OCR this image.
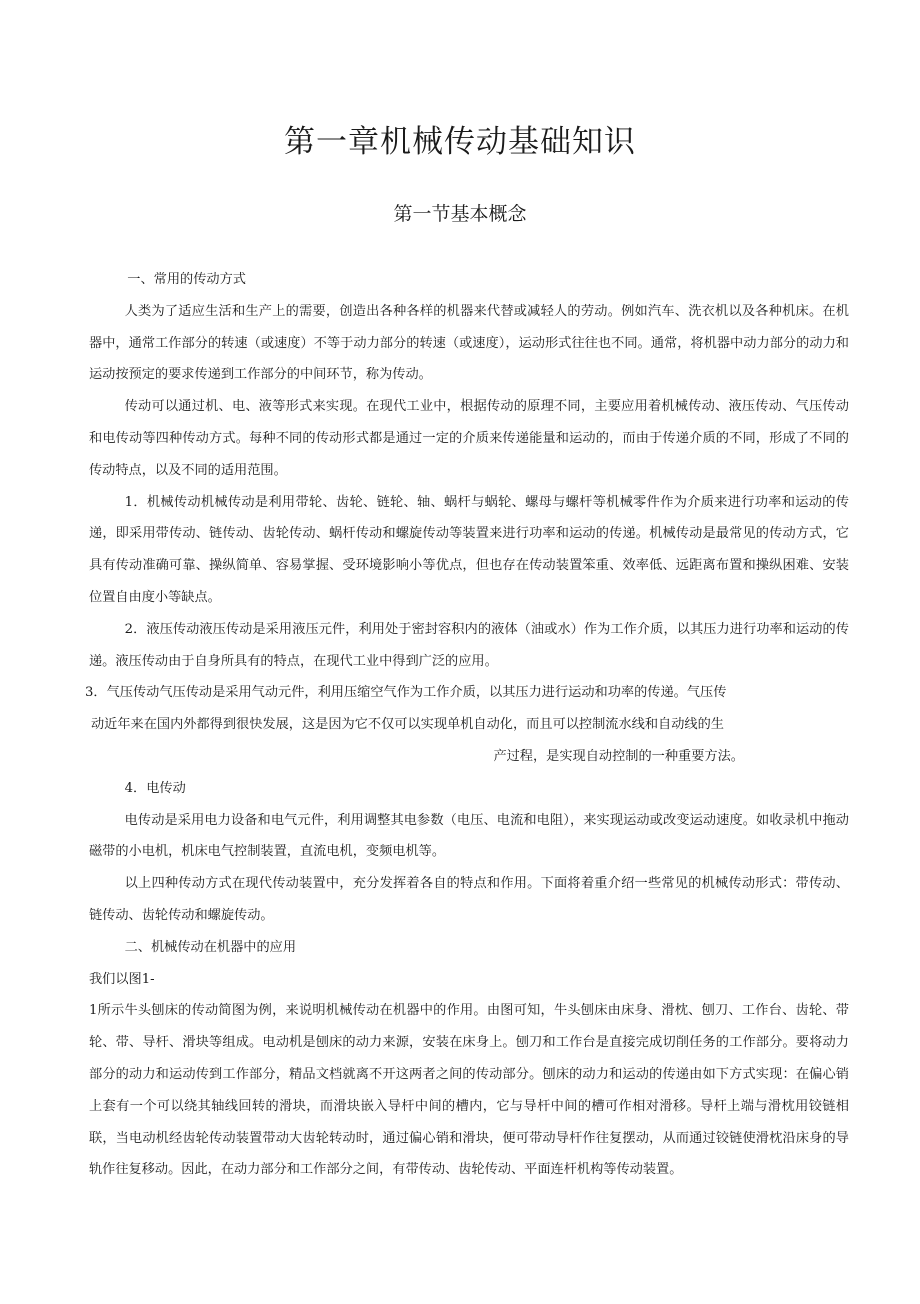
第一章机械传动基础知识
第一节基本概念

一、常用的传动方式

人类为了适应生活和生产上的需要，创造出各种各样的机器来代替或减轻人的劳动。例如汽车、洗衣机以及各种机床。在机器中，通常工作部分的转速（或速度）不等于动力部分的转速（或速度），运动形式往往也不同。通常，将机器中动力部分的动力和运动按预定的要求传递到工作部分的中间环节，称为传动。

传动可以通过机、电、液等形式来实现。在现代工业中，根据传动的原理不同，主要应用着机械传动、液压传动、气压传动和电传动等四种传动方式。每种不同的传动形式都是通过一定的介质来传递能量和运动的，而由于传递介质的不同，形成了不同的传动特点，以及不同的适用范围。

1．机械传动机械传动是利用带轮、齿轮、链轮、轴、蜗杆与蜗轮、螺母与螺杆等机械零件作为介质来进行功率和运动的传递，即采用带传动、链传动、齿轮传动、蜗杆传动和螺旋传动等装置来进行功率和运动的传递。机械传动是最常见的传动方式，它具有传动准确可靠、操纵简单、容易掌握、受环境影响小等优点，但也存在传动装置笨重、效率低、远距离布置和操纵困难、安装位置自由度小等缺点。

2．液压传动液压传动是采用液压元件，利用处于密封容积内的液体（油或水）作为工作介质，以其压力进行功率和运动的传递。液压传动由于自身所具有的特点，在现代工业中得到广泛的应用。

3．气压传动气压传动是采用气动元件，利用压缩空气作为工作介质，以其压力进行运动和功率的传递。气压传

动近年来在国内外都得到很快发展，这是因为它不仅可以实现单机自动化，而且可以控制流水线和自动线的生

产过程，是实现自动控制的一种重要方法。

4．电传动

电传动是采用电力设备和电气元件，利用调整其电参数（电压、电流和电阻），来实现运动或改变运动速度。如收录机中拖动磁带的小电机，机床电气控制装置，直流电机，变频电机等。

以上四种传动方式在现代传动装置中，充分发挥着各自的特点和作用。下面将着重介绍一些常见的机械传动形式：带传动、链传动、齿轮传动和螺旋传动。

二、机械传动在机器中的应用

我们以图1-

1所示牛头刨床的传动简图为例，来说明机械传动在机器中的作用。由图可知，牛头刨床由床身、滑枕、刨刀、工作台、齿轮、带轮、带、导杆、滑块等组成。电动机是刨床的动力来源，安装在床身上。刨刀和工作台是直接完成切削任务的工作部分。要将动力部分的动力和运动传到工作部分，精品文档就离不开这两者之间的传动部分。刨床的动力和运动的传递由如下方式实现：在偏心销上套有一个可以绕其轴线回转的滑块，而滑块嵌入导杆中间的槽内，它与导杆中间的槽可作相对滑移。导杆上端与滑枕用铰链相联，当电动机经齿轮传动装置带动大齿轮转动时，通过偏心销和滑块，便可带动导杆作往复摆动，从而通过铰链使滑枕沿床身的导轨作往复移动。因此，在动力部分和工作部分之间，有带传动、齿轮传动、平面连杆机构等传动装置。
